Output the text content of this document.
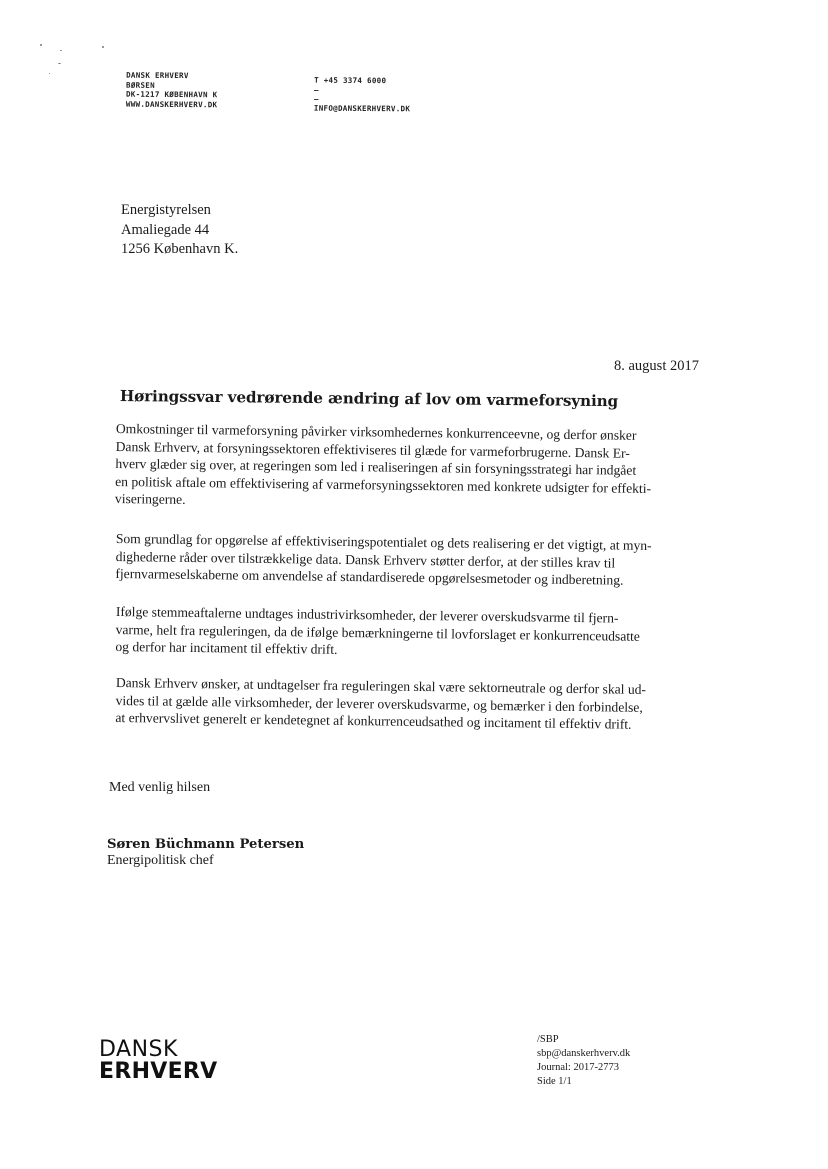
DANSK ERHVERV
BØRSEN
DK-1217 KØBENHAVN K
WWW.DANSKERHVERV.DK
T +45 3374 6000
–
–
INFO@DANSKERHVERV.DK
Energistyrelsen
Amaliegade 44
1256 København K.
8. august 2017
Høringssvar vedrørende ændring af lov om varmeforsyning

Omkostninger til varmeforsyning påvirker virksomhedernes konkurrenceevne, og derfor ønsker
Dansk Erhverv, at forsyningssektoren effektiviseres til glæde for varmeforbrugerne. Dansk Er-
hverv glæder sig over, at regeringen som led i realiseringen af sin forsyningsstrategi har indgået
en politisk aftale om effektivisering af varmeforsyningssektoren med konkrete udsigter for effekti-
viseringerne.

Som grundlag for opgørelse af effektiviseringspotentialet og dets realisering er det vigtigt, at myn-
dighederne råder over tilstrækkelige data. Dansk Erhverv støtter derfor, at der stilles krav til
fjernvarmeselskaberne om anvendelse af standardiserede opgørelsesmetoder og indberetning.

Ifølge stemmeaftalerne undtages industrivirksomheder, der leverer overskudsvarme til fjern-
varme, helt fra reguleringen, da de ifølge bemærkningerne til lovforslaget er konkurrenceudsatte
og derfor har incitament til effektiv drift.

Dansk Erhverv ønsker, at undtagelser fra reguleringen skal være sektorneutrale og derfor skal ud-
vides til at gælde alle virksomheder, der leverer overskudsvarme, og bemærker i den forbindelse,
at erhvervslivet generelt er kendetegnet af konkurrenceudsathed og incitament til effektiv drift.

Med venlig hilsen
Søren Büchmann Petersen
Energipolitisk chef
DANSK
ERHVERV
/SBP
sbp@danskerhverv.dk
Journal: 2017-2773
Side 1/1
